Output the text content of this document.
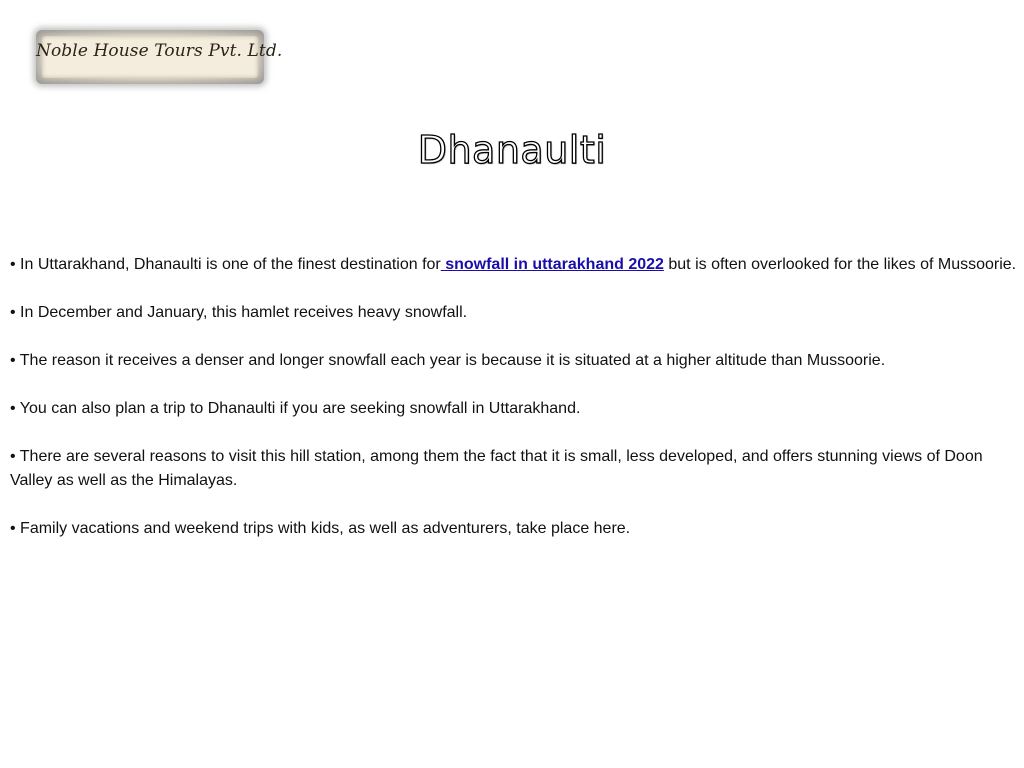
Noble House Tours Pvt. Ltd.
Dhanaulti

• In Uttarakhand, Dhanaulti is one of the finest destination for snowfall in uttarakhand 2022 but is often overlooked for the likes of Mussoorie.

• In December and January, this hamlet receives heavy snowfall.

• The reason it receives a denser and longer snowfall each year is because it is situated at a higher altitude than Mussoorie.

• You can also plan a trip to Dhanaulti if you are seeking snowfall in Uttarakhand.

• There are several reasons to visit this hill station, among them the fact that it is small, less developed, and offers stunning views of Doon Valley as well as the Himalayas.

• Family vacations and weekend trips with kids, as well as adventurers, take place here.
